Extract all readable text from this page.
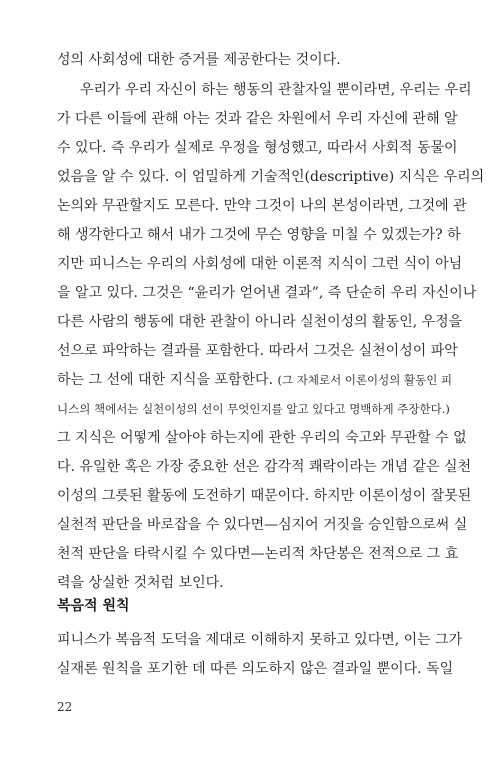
성의 사회성에 대한 증거를 제공한다는 것이다.
우리가 우리 자신이 하는 행동의 관찰자일 뿐이라면, 우리는 우리
가 다른 이들에 관해 아는 것과 같은 차원에서 우리 자신에 관해 알
수 있다. 즉 우리가 실제로 우정을 형성했고, 따라서 사회적 동물이
었음을 알 수 있다. 이 엄밀하게 기술적인(descriptive) 지식은 우리의
논의와 무관할지도 모른다. 만약 그것이 나의 본성이라면, 그것에 관
해 생각한다고 해서 내가 그것에 무슨 영향을 미칠 수 있겠는가? 하
지만 피니스는 우리의 사회성에 대한 이론적 지식이 그런 식이 아님
을 알고 있다. 그것은 “윤리가 얻어낸 결과”, 즉 단순히 우리 자신이나
다른 사람의 행동에 대한 관찰이 아니라 실천이성의 활동인, 우정을
선으로 파악하는 결과를 포함한다. 따라서 그것은 실천이성이 파악
하는 그 선에 대한 지식을 포함한다. (그 자체로서 이론이성의 활동인 피
니스의 책에서는 실천이성의 선이 무엇인지를 알고 있다고 명백하게 주장한다.)
그 지식은 어떻게 살아야 하는지에 관한 우리의 숙고와 무관할 수 없
다. 유일한 혹은 가장 중요한 선은 감각적 쾌락이라는 개념 같은 실천
이성의 그릇된 활동에 도전하기 때문이다. 하지만 이론이성이 잘못된
실천적 판단을 바로잡을 수 있다면—심지어 거짓을 승인함으로써 실
천적 판단을 타락시킬 수 있다면—논리적 차단봉은 전적으로 그 효
복음적 원칙
피니스가 복음적 도덕을 제대로 이해하지 못하고 있다면, 이는 그가
실재론 원칙을 포기한 데 따른 의도하지 않은 결과일 뿐이다. 독일
22
력을 상실한 것처럼 보인다.
